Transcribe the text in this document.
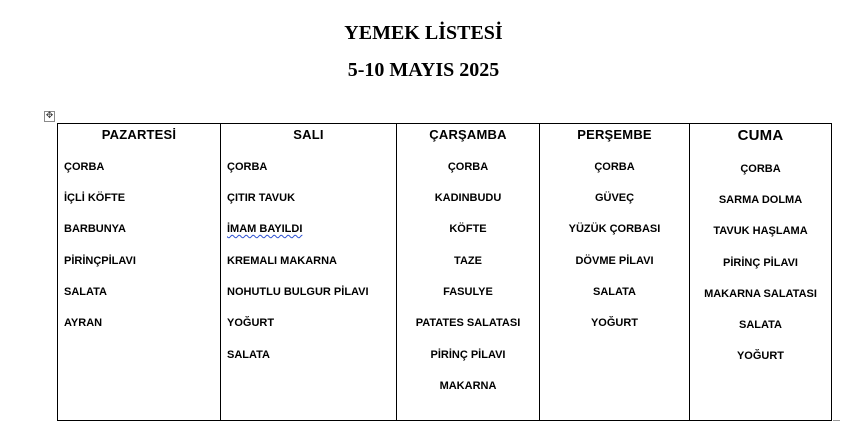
YEMEK LİSTESİ
5-10 MAYIS 2025
✥
PAZARTESİ
ÇORBA
İÇLİ KÖFTE
BARBUNYA
PİRİNÇPİLAVI
SALATA
AYRAN
SALI
ÇORBA
ÇITIR TAVUK
İMAM BAYILDI
KREMALI MAKARNA
NOHUTLU BULGUR PİLAVI
YOĞURT
SALATA
ÇARŞAMBA
ÇORBA
KADINBUDU
KÖFTE
TAZE
FASULYE
PATATES SALATASI
PİRİNÇ PİLAVI
MAKARNA
PERŞEMBE
ÇORBA
GÜVEÇ
YÜZÜK ÇORBASI
DÖVME PİLAVI
SALATA
YOĞURT
CUMA
ÇORBA
SARMA DOLMA
TAVUK HAŞLAMA
PİRİNÇ PİLAVI
MAKARNA SALATASI
SALATA
YOĞURT
